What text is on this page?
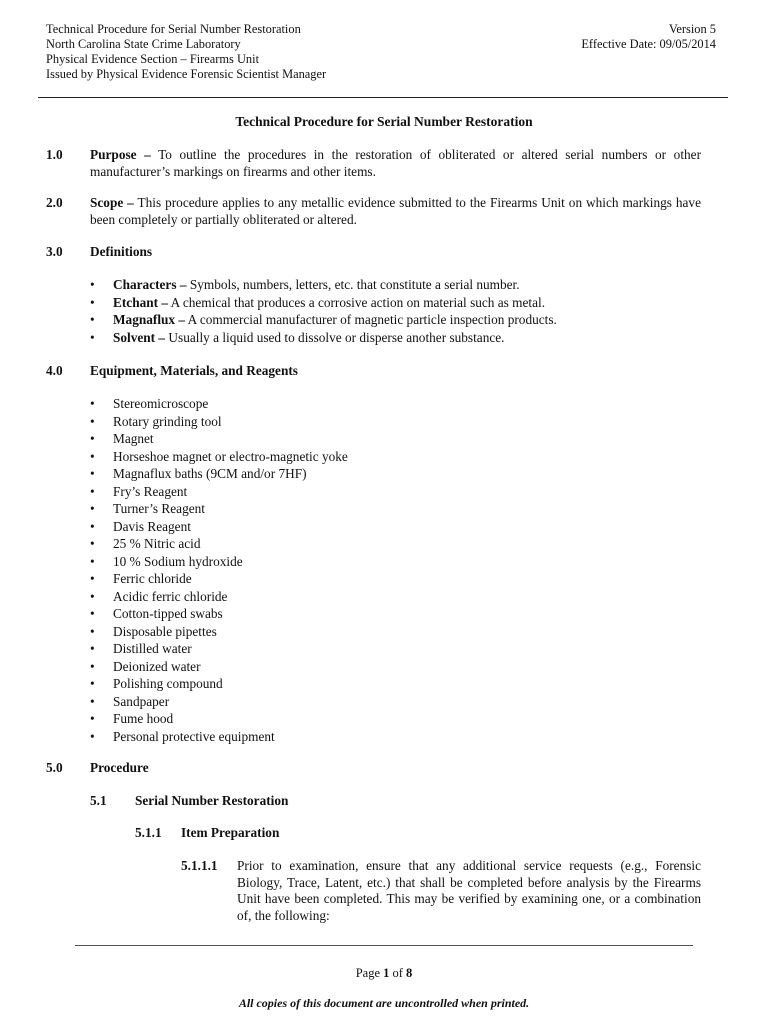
Technical Procedure for Serial Number Restoration
North Carolina State Crime Laboratory
Physical Evidence Section – Firearms Unit
Issued by Physical Evidence Forensic Scientist Manager
Version 5
Effective Date: 09/05/2014
Technical Procedure for Serial Number Restoration
1.0 Purpose – To outline the procedures in the restoration of obliterated or altered serial numbers or other manufacturer’s markings on firearms and other items.
2.0 Scope – This procedure applies to any metallic evidence submitted to the Firearms Unit on which markings have been completely or partially obliterated or altered.
3.0 Definitions
• Characters – Symbols, numbers, letters, etc. that constitute a serial number.
• Etchant – A chemical that produces a corrosive action on material such as metal.
• Magnaflux – A commercial manufacturer of magnetic particle inspection products.
• Solvent – Usually a liquid used to dissolve or disperse another substance.
4.0 Equipment, Materials, and Reagents
• Stereomicroscope
• Rotary grinding tool
• Magnet
• Horseshoe magnet or electro-magnetic yoke
• Magnaflux baths (9CM and/or 7HF)
• Fry’s Reagent
• Turner’s Reagent
• Davis Reagent
• 25 % Nitric acid
• 10 % Sodium hydroxide
• Ferric chloride
• Acidic ferric chloride
• Cotton-tipped swabs
• Disposable pipettes
• Distilled water
• Deionized water
• Polishing compound
• Sandpaper
• Fume hood
• Personal protective equipment
5.0 Procedure
5.1 Serial Number Restoration
5.1.1 Item Preparation
5.1.1.1 Prior to examination, ensure that any additional service requests (e.g., Forensic Biology, Trace, Latent, etc.) that shall be completed before analysis by the Firearms Unit have been completed. This may be verified by examining one, or a combination of, the following:
Page 1 of 8
All copies of this document are uncontrolled when printed.
